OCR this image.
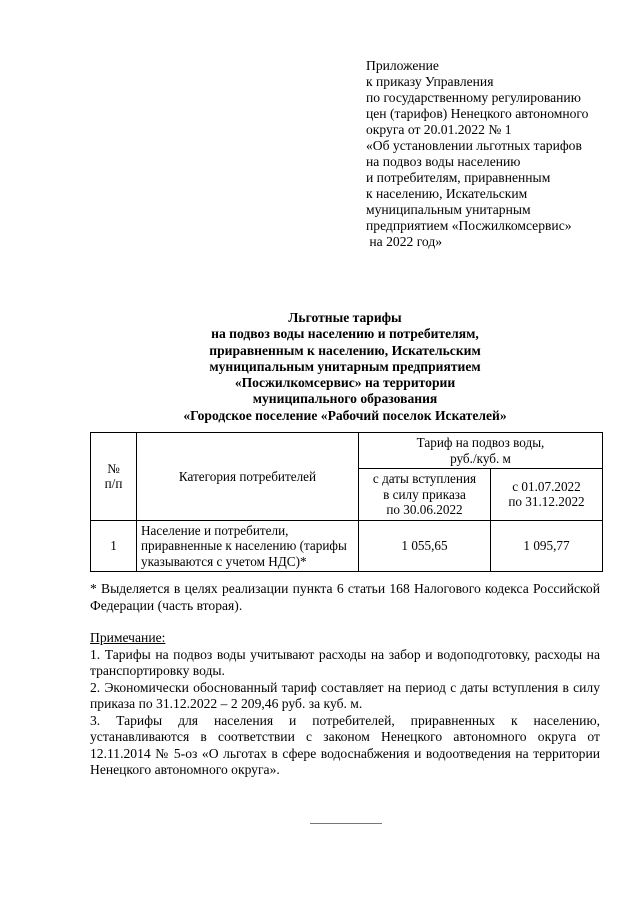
Приложение
к приказу Управления
по государственному регулированию
цен (тарифов) Ненецкого автономного
округа от 20.01.2022 № 1
«Об установлении льготных тарифов
на подвоз воды населению
и потребителям, приравненным
к населению, Искательским
муниципальным унитарным
предприятием «Посжилкомсервис»
на 2022 год»
Льготные тарифы
на подвоз воды населению и потребителям,
приравненным к населению, Искательским
муниципальным унитарным предприятием
«Посжилкомсервис» на территории
муниципального образования
«Городское поселение «Рабочий поселок Искателей»
№
п/п	Категория потребителей	Тариф на подвоз воды,
руб./куб. м	
		с даты вступления
в силу приказа
по 30.06.2022	с 01.07.2022
по 31.12.2022
1	Население и потребители,
приравненные к населению (тарифы
указываются с учетом НДС)*	1 055,65	1 095,77
* Выделяется в целях реализации пункта 6 статьи 168 Налогового кодекса Российской Федерации (часть вторая).
Примечание:

1. Тарифы на подвоз воды учитывают расходы на забор и водоподготовку, расходы на транспортировку воды.

2. Экономически обоснованный тариф составляет на период с даты вступления в силу приказа по 31.12.2022 – 2 209,46 руб. за куб. м.

3. Тарифы для населения и потребителей, приравненных к населению, устанавливаются в соответствии с законом Ненецкого автономного округа от 12.11.2014 № 5-оз «О льготах в сфере водоснабжения и водоотведения на территории Ненецкого автономного округа».
